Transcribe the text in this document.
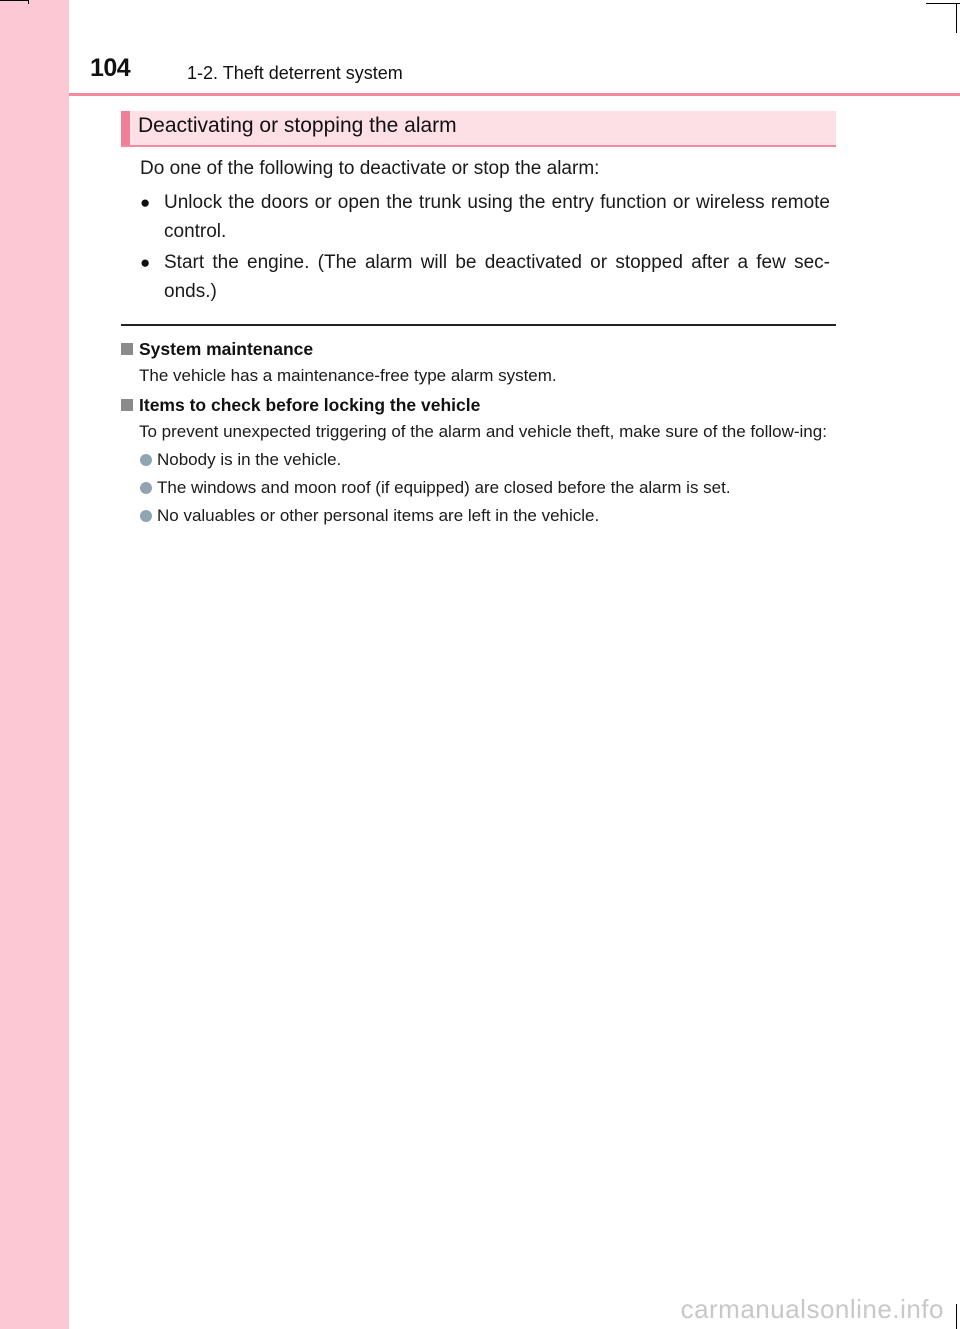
104	1-2. Theft deterrent system
Deactivating or stopping the alarm
Do one of the following to deactivate or stop the alarm:
● Unlock the doors or open the trunk using the entry function or wireless remote control.
● Start the engine. (The alarm will be deactivated or stopped after a few sec-onds.)
System maintenance
The vehicle has a maintenance-free type alarm system.
Items to check before locking the vehicle
To prevent unexpected triggering of the alarm and vehicle theft, make sure of the follow-ing:
Nobody is in the vehicle.
The windows and moon roof (if equipped) are closed before the alarm is set.
No valuables or other personal items are left in the vehicle.
carmanualsonline.info
